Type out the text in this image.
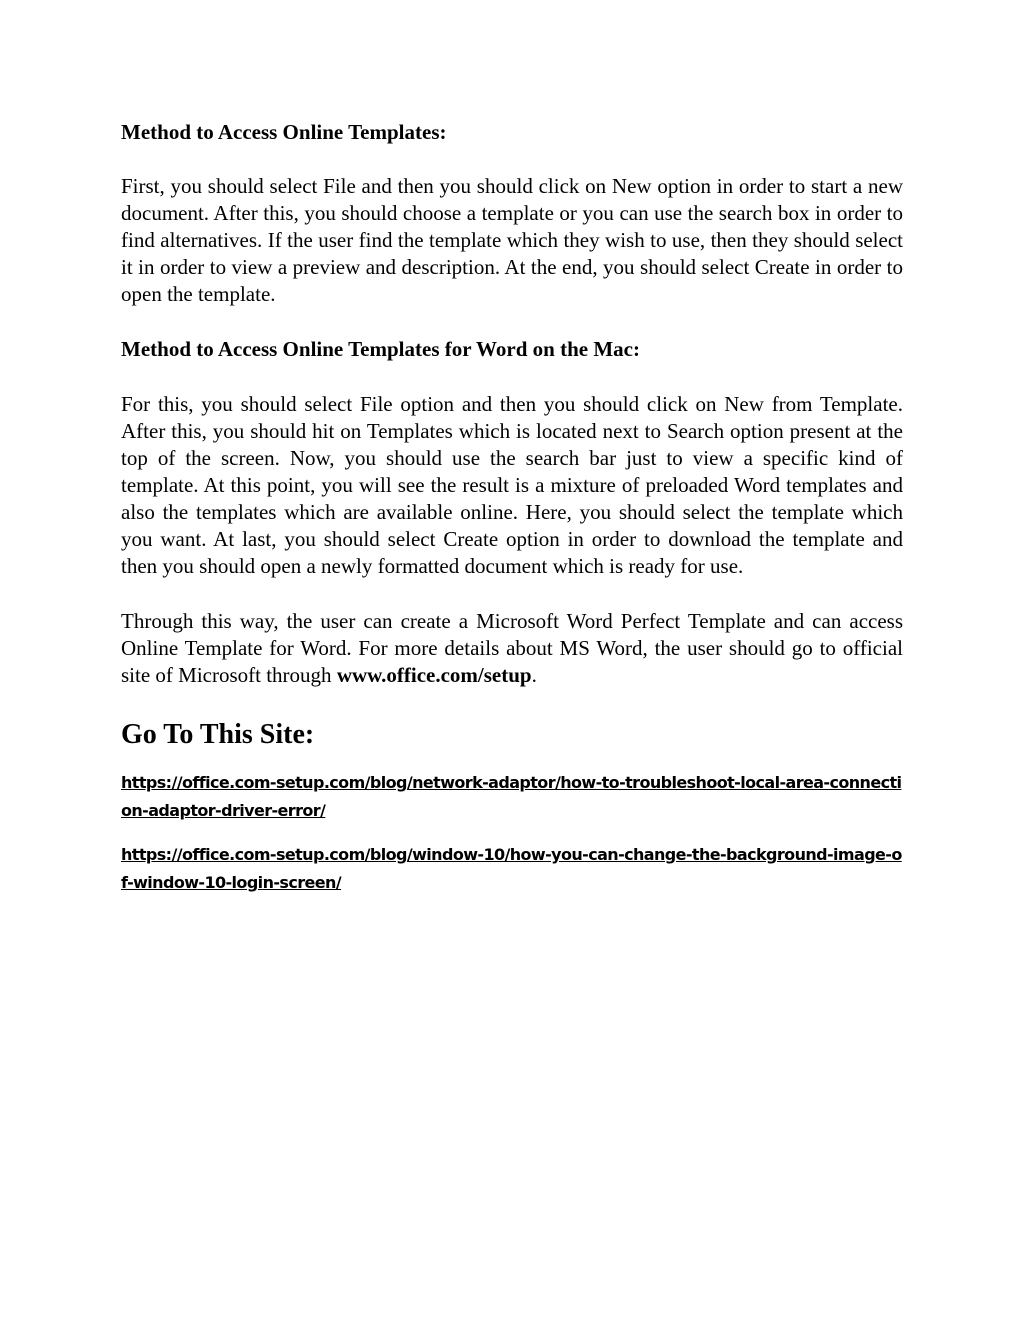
Method to Access Online Templates:

First, you should select File and then you should click on New option in order to start a new document. After this, you should choose a template or you can use the search box in order to find alternatives. If the user find the template which they wish to use, then they should select it in order to view a preview and description. At the end, you should select Create in order to open the template.

Method to Access Online Templates for Word on the Mac:

For this, you should select File option and then you should click on New from Template. After this, you should hit on Templates which is located next to Search option present at the top of the screen. Now, you should use the search bar just to view a specific kind of template. At this point, you will see the result is a mixture of preloaded Word templates and also the templates which are available online. Here, you should select the template which you want. At last, you should select Create option in order to download the template and then you should open a newly formatted document which is ready for use.

Through this way, the user can create a Microsoft Word Perfect Template and can access Online Template for Word. For more details about MS Word, the user should go to official site of Microsoft through www.office.com/setup.

Go To This Site:

https://office.com-setup.com/blog/network-adaptor/how-to-troubleshoot-local-area-connection-adaptor-driver-error/
https://office.com-setup.com/blog/window-10/how-you-can-change-the-background-image-of-window-10-login-screen/
